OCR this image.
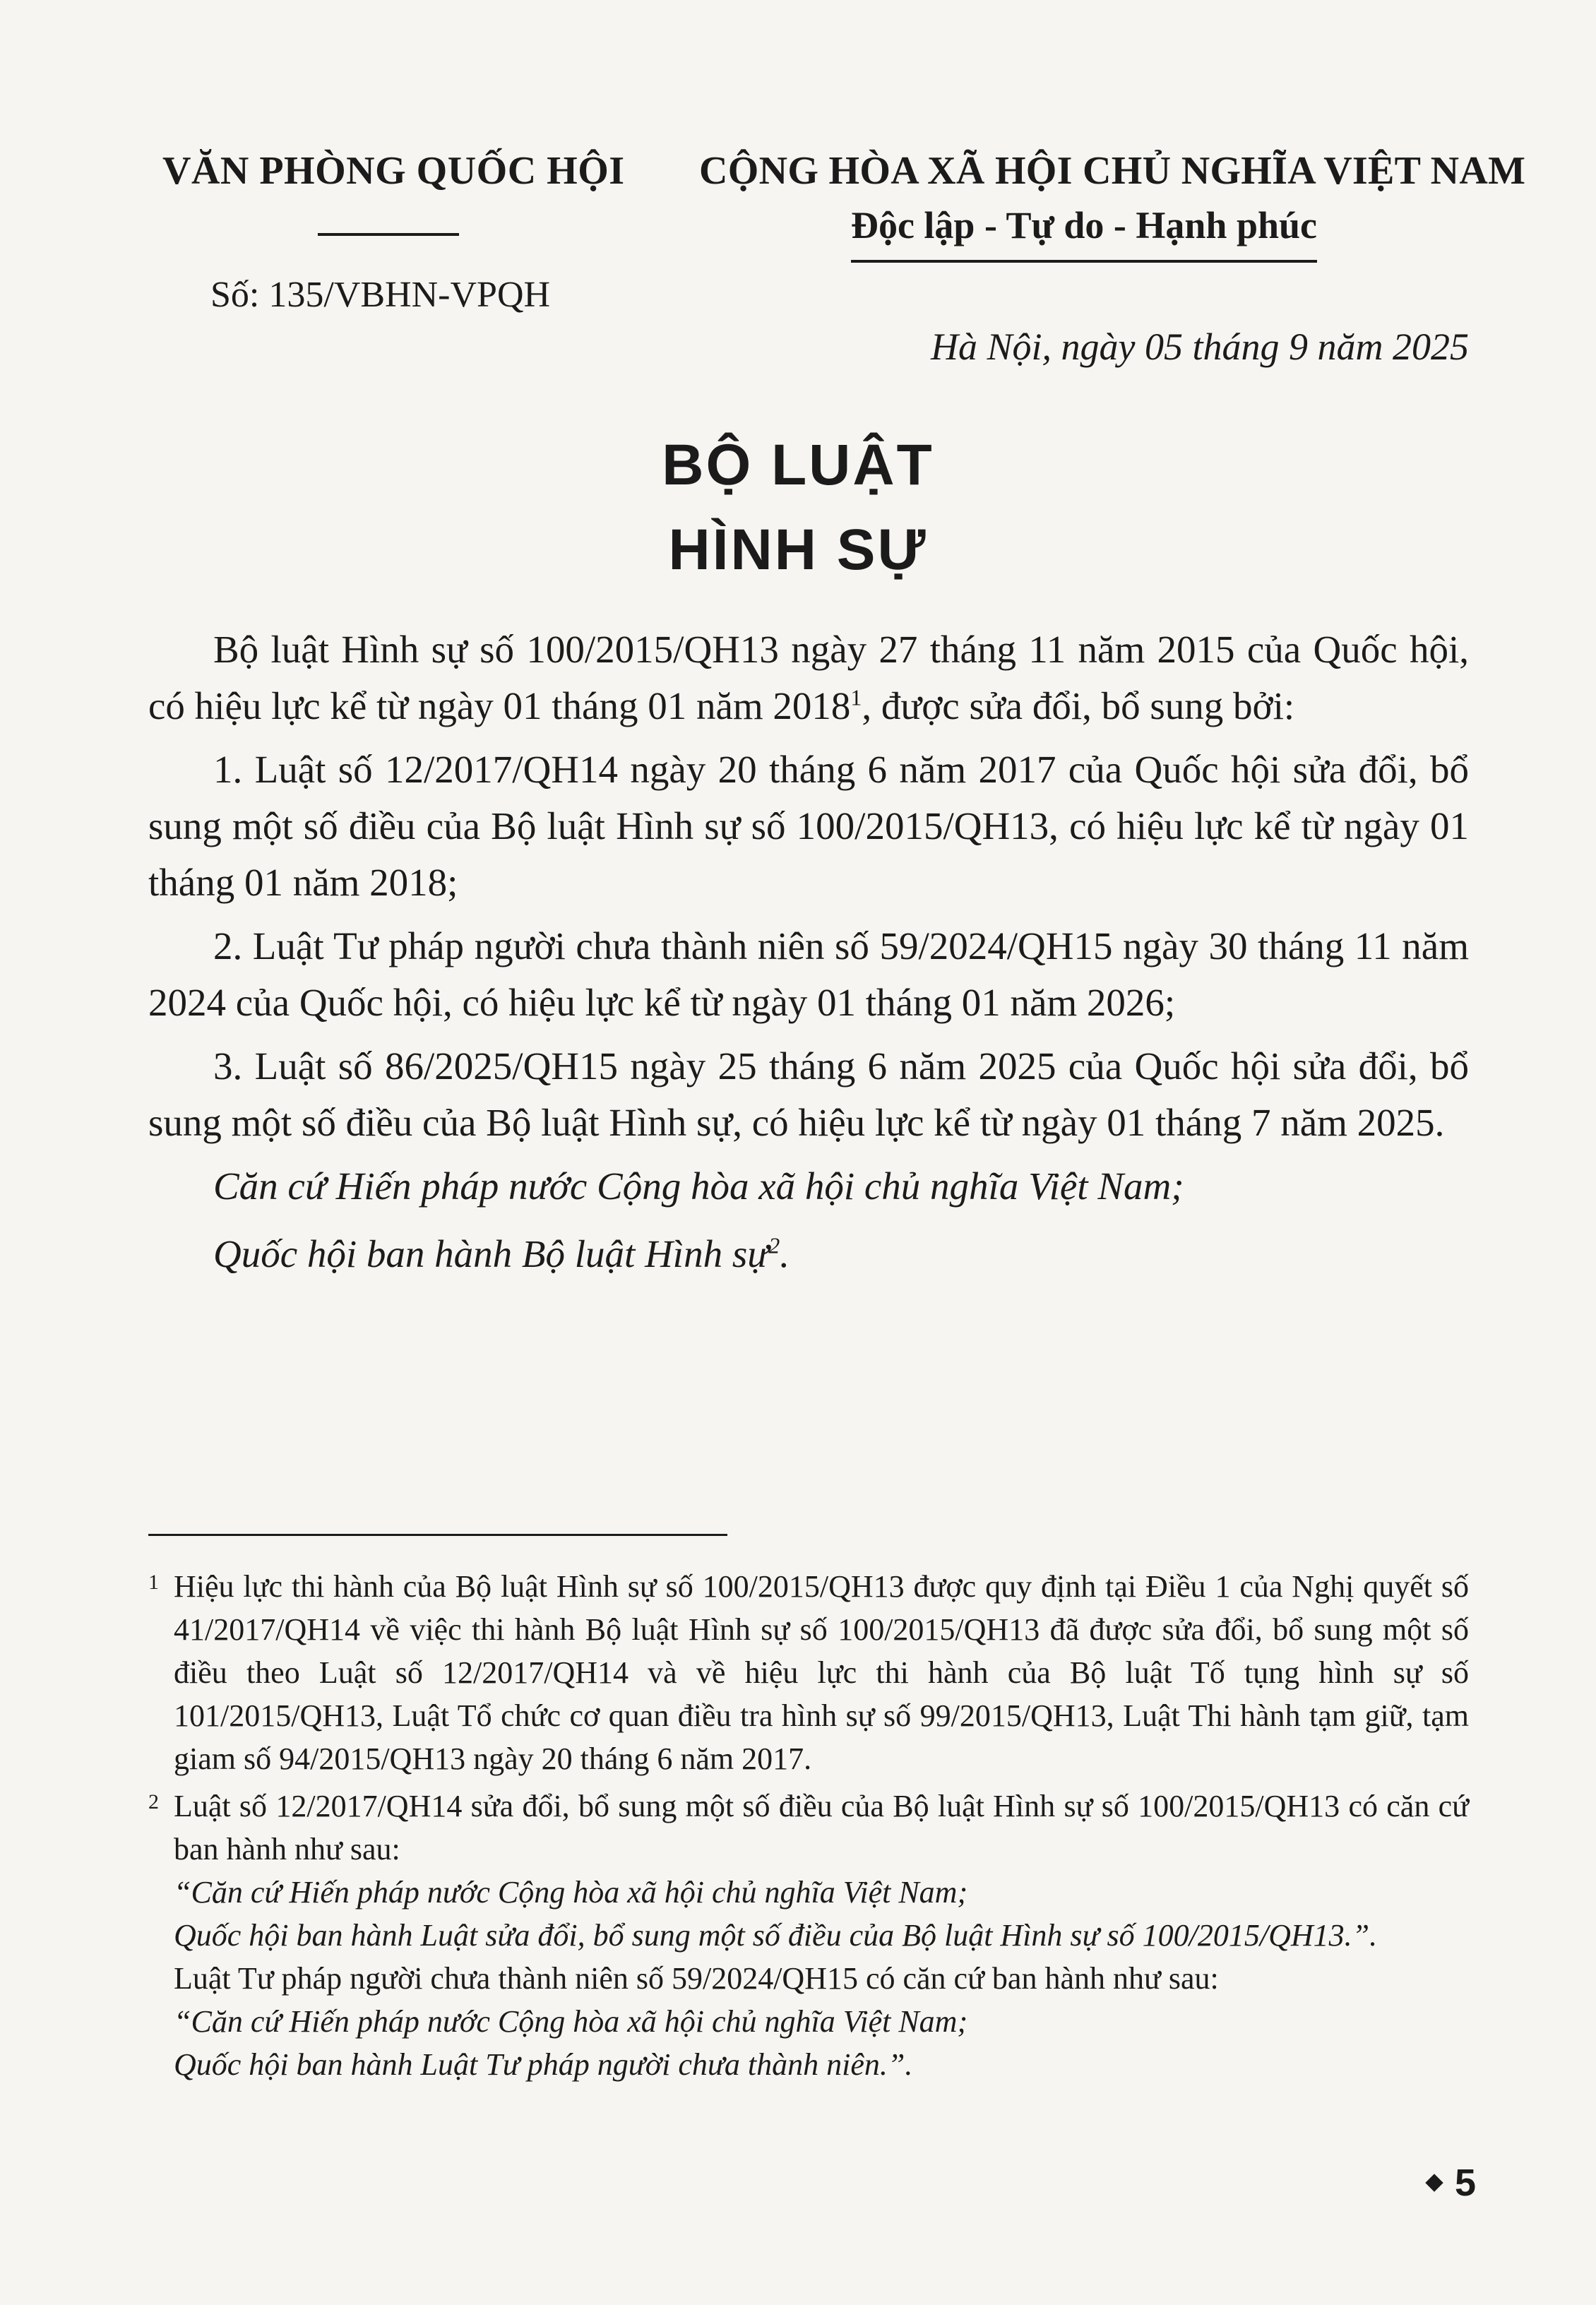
VĂN PHÒNG QUỐC HỘI CỘNG HÒA XÃ HỘI CHỦ NGHĨA VIỆT NAM
Độc lập - Tự do - Hạnh phúc
Số: 135/VBHN-VPQH
Hà Nội, ngày 05 tháng 9 năm 2025
BỘ LUẬT
HÌNH SỰ

Bộ luật Hình sự số 100/2015/QH13 ngày 27 tháng 11 năm 2015 của Quốc hội, có hiệu lực kể từ ngày 01 tháng 01 năm 2018$^1$, được sửa đổi, bổ sung bởi:

1. Luật số 12/2017/QH14 ngày 20 tháng 6 năm 2017 của Quốc hội sửa đổi, bổ sung một số điều của Bộ luật Hình sự số 100/2015/QH13, có hiệu lực kể từ ngày 01 tháng 01 năm 2018;

2. Luật Tư pháp người chưa thành niên số 59/2024/QH15 ngày 30 tháng 11 năm 2024 của Quốc hội, có hiệu lực kể từ ngày 01 tháng 01 năm 2026;

3. Luật số 86/2025/QH15 ngày 25 tháng 6 năm 2025 của Quốc hội sửa đổi, bổ sung một số điều của Bộ luật Hình sự, có hiệu lực kể từ ngày 01 tháng 7 năm 2025.

Căn cứ Hiến pháp nước Cộng hòa xã hội chủ nghĩa Việt Nam;

Quốc hội ban hành Bộ luật Hình sự$^2$.

1 Hiệu lực thi hành của Bộ luật Hình sự số 100/2015/QH13 được quy định tại Điều 1 của Nghị quyết số 41/2017/QH14 về việc thi hành Bộ luật Hình sự số 100/2015/QH13 đã được sửa đổi, bổ sung một số điều theo Luật số 12/2017/QH14 và về hiệu lực thi hành của Bộ luật Tố tụng hình sự số 101/2015/QH13, Luật Tổ chức cơ quan điều tra hình sự số 99/2015/QH13, Luật Thi hành tạm giữ, tạm giam số 94/2015/QH13 ngày 20 tháng 6 năm 2017.

2 Luật số 12/2017/QH14 sửa đổi, bổ sung một số điều của Bộ luật Hình sự số 100/2015/QH13 có căn cứ ban hành như sau:

“Căn cứ Hiến pháp nước Cộng hòa xã hội chủ nghĩa Việt Nam;

Quốc hội ban hành Luật sửa đổi, bổ sung một số điều của Bộ luật Hình sự số 100/2015/QH13.”.

Luật Tư pháp người chưa thành niên số 59/2024/QH15 có căn cứ ban hành như sau:

“Căn cứ Hiến pháp nước Cộng hòa xã hội chủ nghĩa Việt Nam;

Quốc hội ban hành Luật Tư pháp người chưa thành niên.”.

5
